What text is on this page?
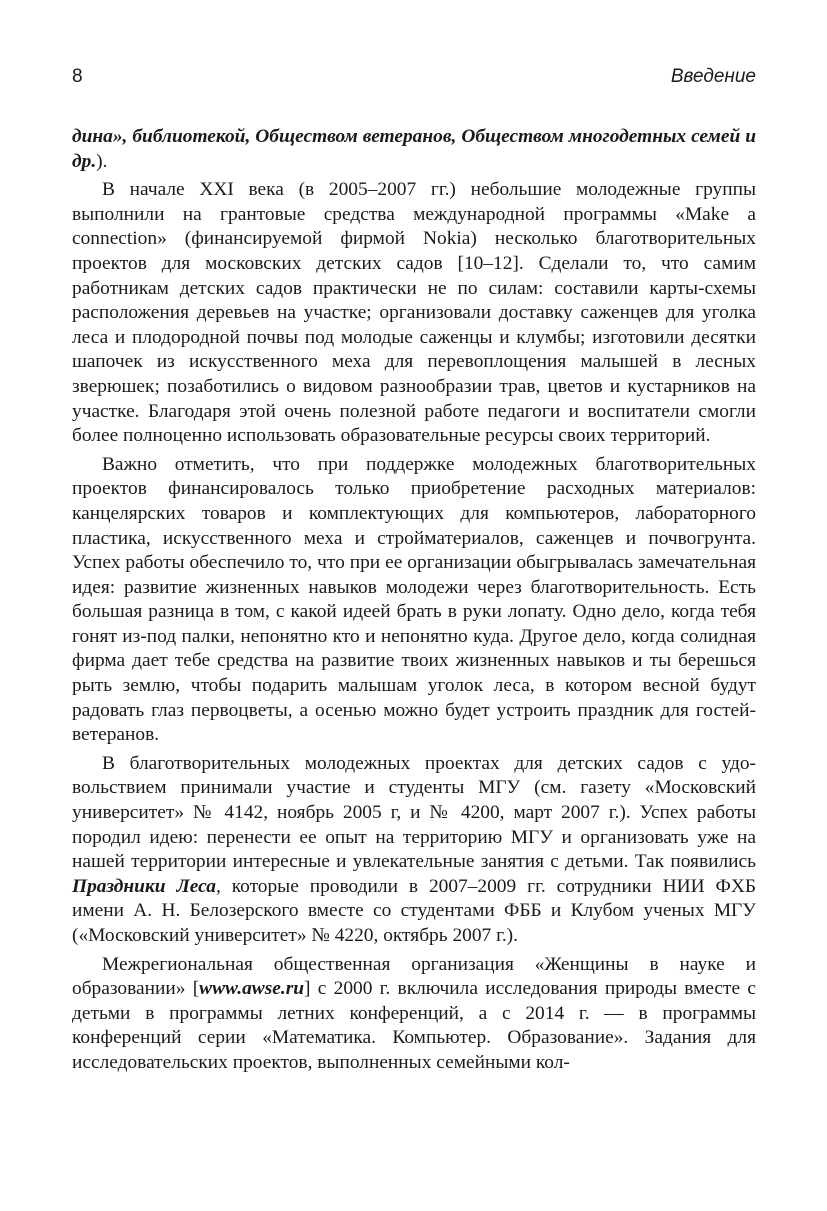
8	Введение

дина», библиотекой, Обществом ветеранов, Обществом многодетных семей и др.).

В начале XXI века (в 2005–2007 гг.) небольшие молодежные группы выполнили на грантовые средства международной программы «Make a connection» (финансируемой фирмой Nokia) несколько благотворительных проектов для московских детских садов [10–12]. Сделали то, что самим работникам детских садов практически не по силам: составили карты-схемы расположения деревьев на участке; организовали доставку саженцев для уголка леса и плодородной почвы под молодые саженцы и клумбы; изготовили десятки шапочек из искусственного меха для перевоплощения малышей в лесных зверюшек; позаботились о видовом разнообразии трав, цветов и кустарников на участке. Благодаря этой очень полезной работе педагоги и воспитатели смогли более полноценно использовать образовательные ресурсы своих территорий.

Важно отметить, что при поддержке молодежных благотворительных проектов финансировалось только приобретение расходных материалов: канцелярских товаров и комплектующих для компьютеров, лабораторного пластика, искусственного меха и стройматериалов, саженцев и почвогрунта. Успех работы обеспечило то, что при ее организации обыгрывалась замечательная идея: развитие жизненных навыков молодежи через благотворительность. Есть большая разница в том, с какой идеей брать в руки лопату. Одно дело, когда тебя гонят из-под палки, непонятно кто и непонятно куда. Другое дело, когда солидная фирма дает тебе средства на развитие твоих жизненных навыков и ты берешься рыть землю, чтобы подарить малышам уголок леса, в котором весной будут радовать глаз первоцветы, а осенью можно будет устроить праздник для гостей-ветеранов.

В благотворительных молодежных проектах для детских садов с удовольствием принимали участие и студенты МГУ (см. газету «Московский университет» № 4142, ноябрь 2005 г, и № 4200, март 2007 г.). Успех работы породил идею: перенести ее опыт на территорию МГУ и организовать уже на нашей территории интересные и увлекательные занятия с детьми. Так появились Праздники Леса, которые проводили в 2007–2009 гг. сотрудники НИИ ФХБ имени А. Н. Белозерского вместе со студентами ФББ и Клубом ученых МГУ («Московский университет» № 4220, октябрь 2007 г.).

Межрегиональная общественная организация «Женщины в науке и образовании» [www.awse.ru] с 2000 г. включила исследования природы вместе с детьми в программы летних конференций, а с 2014 г. — в программы конференций серии «Математика. Компьютер. Образование». Задания для исследовательских проектов, выполненных семейными кол-
